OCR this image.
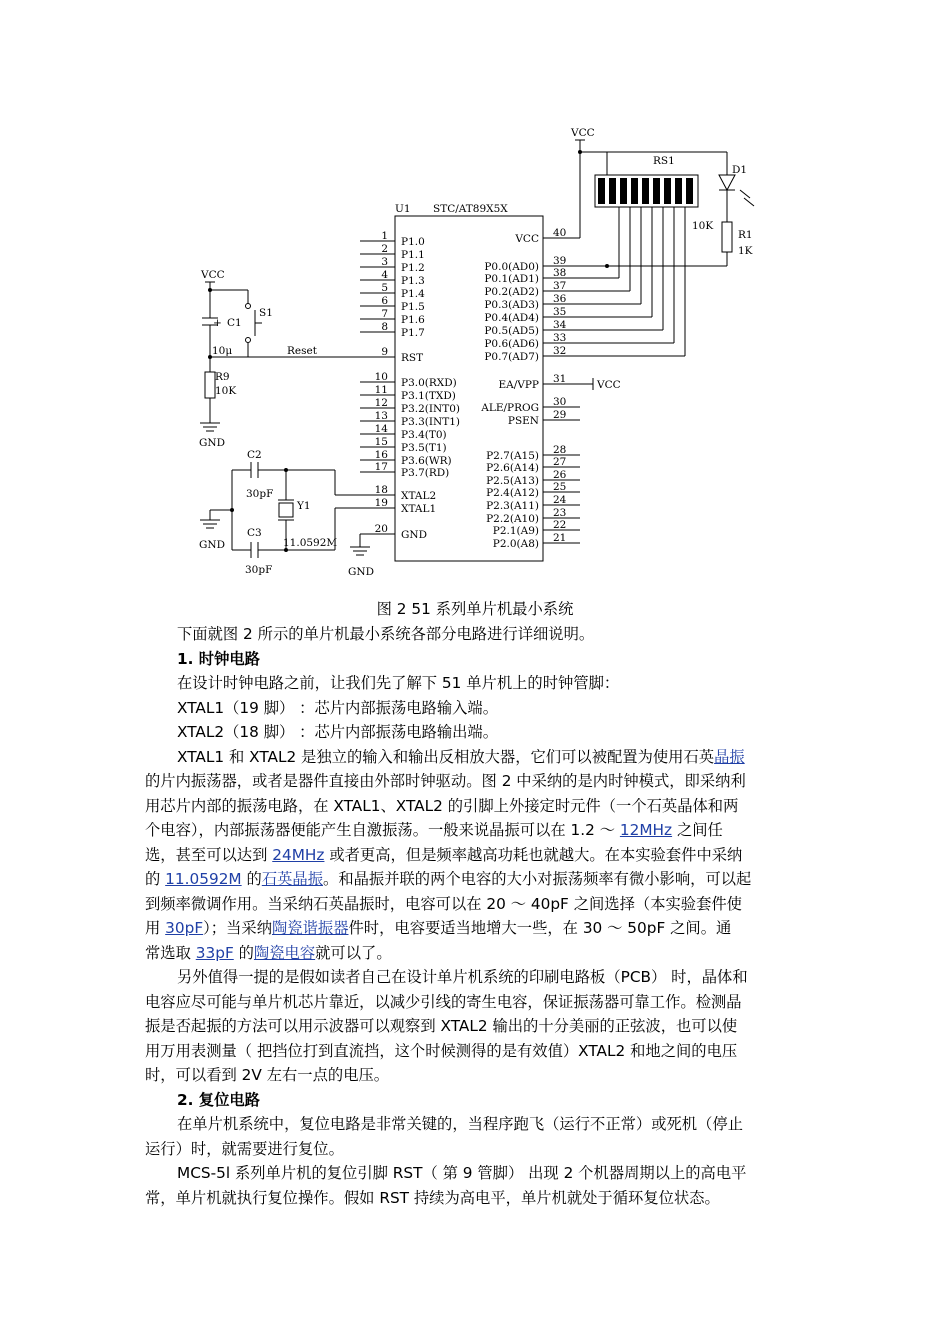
1 P1.0
2 P1.1
3 P1.2
4 P1.3
5 P1.4
6 P1.5
7 P1.6
8 P1.7
9 RST
10 P3.0(RXD)
11 P3.1(TXD)
12 P3.2(INT0)
13 P3.3(INT1)
14 P3.4(T0)
15 P3.5(T1)
16 P3.6(WR)
17 P3.7(RD)
18 XTAL2
19 XTAL1
20 GND
40
VCC
39
P0.0(AD0) 38
P0.1(AD1)
37
P0.2(AD2)
36
P0.3(AD3)
35
P0.4(AD4)
34
P0.5(AD5)
33
P0.6(AD6)
32
P0.7(AD7)
31
EA/VPP
30
ALE/PROG
29
PSEN
28
P2.7(A15) 27
P2.6(A14)
26
P2.5(A13) 25
P2.4(A12)
24
P2.3(A11)
23
P2.2(A10) 22
P2.1(A9)
21
P2.0(A8)
VCC
VCC
VCC
U1 STC/AT89X5X
RS1
10K
D1
R1
1K
S1
C1
+
10μ	Reset
R9
10K
GND
C2
30pF
Y1
GND
C3
11.0592M
30pF	GND
图 2 51 系列单片机最小系统
下面就图 2 所示的单片机最小系统各部分电路进行详细说明。
1. 时钟电路
在设计时钟电路之前，让我们先了解下 51 单片机上的时钟管脚：
XTAL1（19 脚） ：芯片内部振荡电路输入端。
XTAL2（18 脚） ：芯片内部振荡电路输出端。
XTAL1 和 XTAL2 是独立的输入和输出反相放大器，它们可以被配置为使用石英晶振
的片内振荡器，或者是器件直接由外部时钟驱动。图 2 中采纳的是内时钟模式，即采纳利
用芯片内部的振荡电路，在 XTAL1、XTAL2 的引脚上外接定时元件（一个石英晶体和两
个电容），内部振荡器便能产生自激振荡。一般来说晶振可以在 1.2 ～ 12MHz 之间任
选，甚至可以达到 24MHz 或者更高，但是频率越高功耗也就越大。在本实验套件中采纳
的 11.0592M 的石英晶振。和晶振并联的两个电容的大小对振荡频率有微小影响，可以起
到频率微调作用。当采纳石英晶振时，电容可以在 20 ～ 40pF 之间选择（本实验套件使
用 30pF）；当采纳陶瓷谐振器件时，电容要适当地增大一些，在 30 ～ 50pF 之间。通
常选取 33pF 的陶瓷电容就可以了。
另外值得一提的是假如读者自己在设计单片机系统的印刷电路板（PCB） 时，晶体和
电容应尽可能与单片机芯片靠近，以减少引线的寄生电容，保证振荡器可靠工作。检测晶
振是否起振的方法可以用示波器可以观察到 XTAL2 输出的十分美丽的正弦波，也可以使
用万用表测量（ 把挡位打到直流挡，这个时候测得的是有效值）XTAL2 和地之间的电压
时，可以看到 2V 左右一点的电压。
2. 复位电路
在单片机系统中，复位电路是非常关键的，当程序跑飞（运行不正常）或死机（停止
运行）时，就需要进行复位。
MCS-5l 系列单片机的复位引脚 RST（ 第 9 管脚） 出现 2 个机器周期以上的高电平
常，单片机就执行复位操作。假如 RST 持续为高电平，单片机就处于循环复位状态。
